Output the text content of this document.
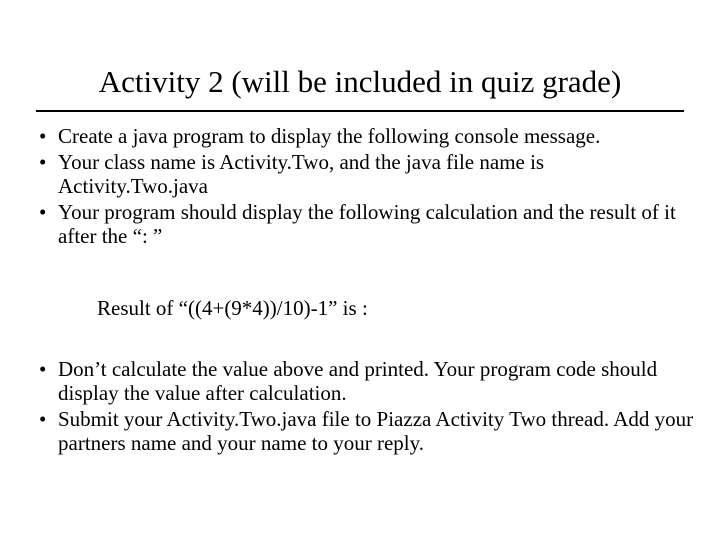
Activity 2 (will be included in quiz grade)
• Create a java program to display the following console message.
• Your class name is Activity.Two, and the java file name is Activity.Two.java
• Your program should display the following calculation and the result of it after the “: ”
Result of “((4+(9*4))/10)-1” is :
• Don’t calculate the value above and printed. Your program code should display the value after calculation.
• Submit your Activity.Two.java file to Piazza Activity Two thread. Add your partners name and your name to your reply.
